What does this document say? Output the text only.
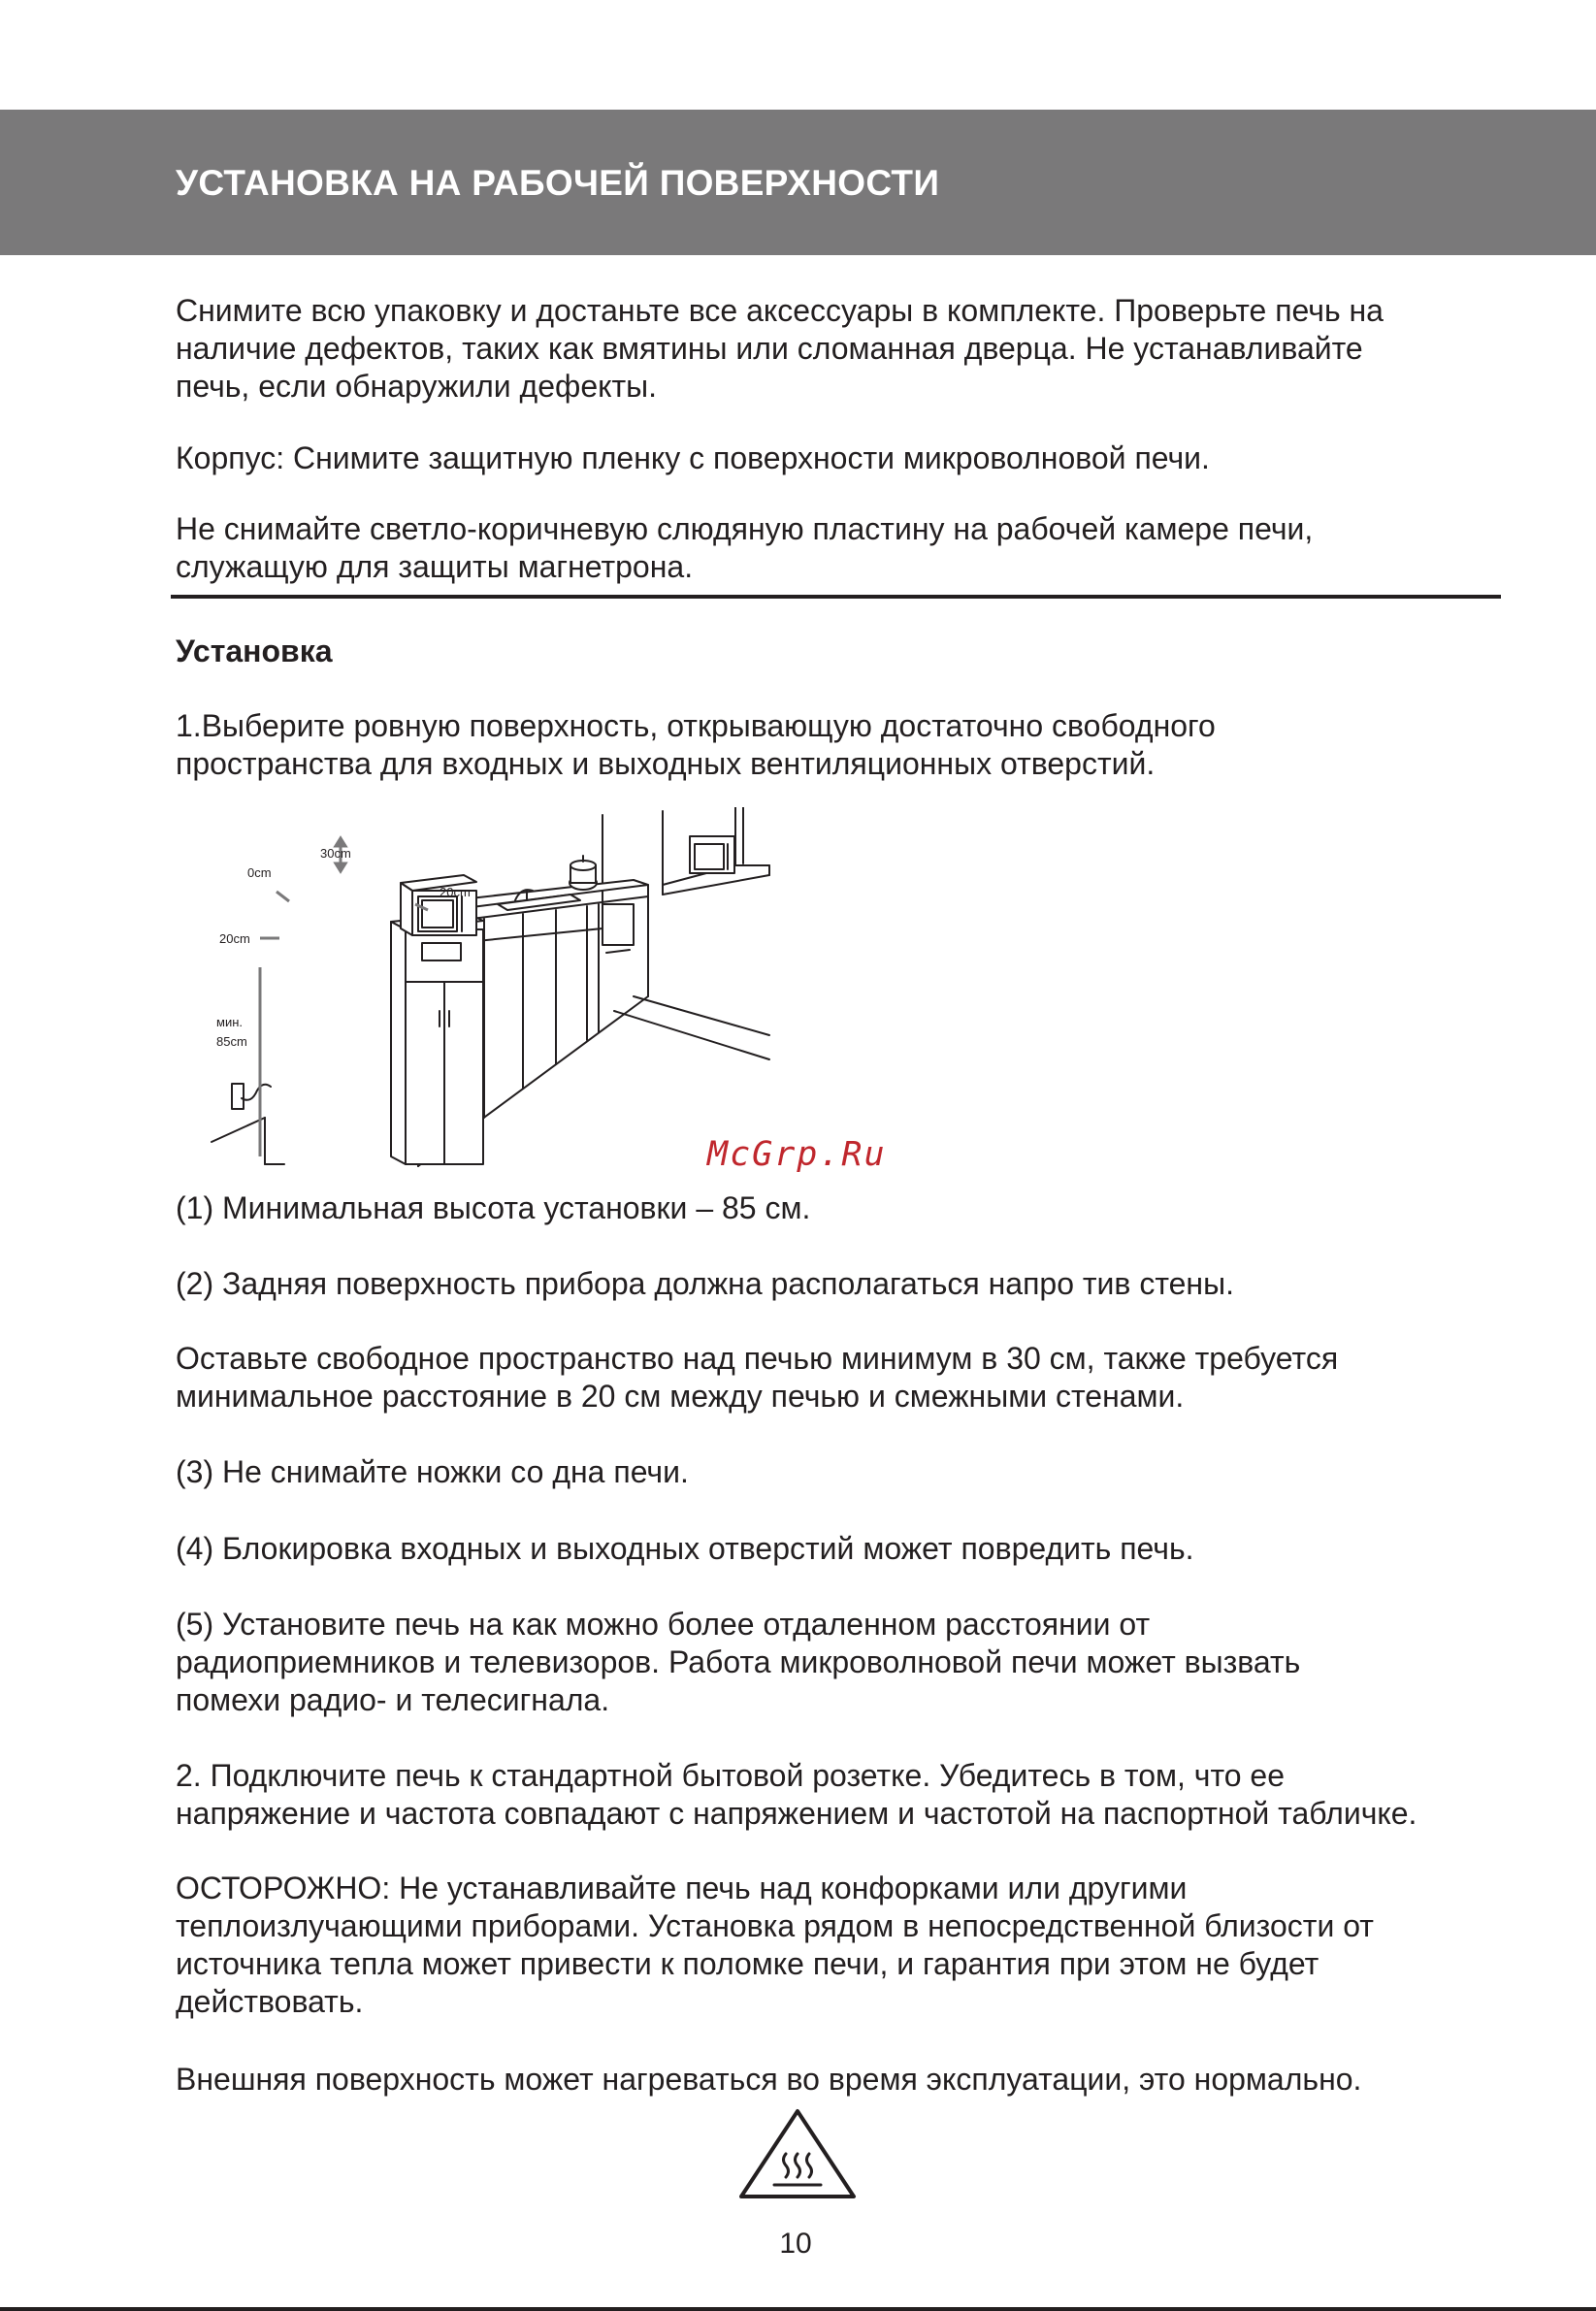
УСТАНОВКА НА РАБОЧЕЙ ПОВЕРХНОСТИ

Снимите всю упаковку и достаньте все аксессуары в комплекте. Проверьте печь на
наличие дефектов, таких как вмятины или сломанная дверца. Не устанавливайте
печь, если обнаружили дефекты.

Корпус: Снимите защитную пленку с поверхности микроволновой печи.

Не снимайте светло-коричневую слюдяную пластину на рабочей камере печи,
служащую для защиты магнетрона.

Установка

1.Выберите ровную поверхность, открывающую достаточно свободного
пространства для входных и выходных вентиляционных отверстий.

30cm
0cm
20cm
20cm
мин.
85cm
McGrp.Ru

(1) Минимальная высота установки – 85 см.

(2) Задняя поверхность прибора должна располагаться напро тив стены.

Оставьте свободное пространство над печью минимум в 30 см, также требуется
минимальное расстояние в 20 см между печью и смежными стенами.

(3) Не снимайте ножки со дна печи.

(4) Блокировка входных и выходных отверстий может повредить печь.

(5) Установите печь на как можно более отдаленном расстоянии от
радиоприемников и телевизоров. Работа микроволновой печи может вызвать
помехи радио- и телесигнала.

2. Подключите печь к стандартной бытовой розетке. Убедитесь в том, что ее
напряжение и частота совпадают с напряжением и частотой на паспортной табличке.

ОСТОРОЖНО: Не устанавливайте печь над конфорками или другими
теплоизлучающими приборами. Установка рядом в непосредственной близости от
источника тепла может привести к поломке печи, и гарантия при этом не будет
действовать.

Внешняя поверхность может нагреваться во время эксплуатации, это нормально.

10
